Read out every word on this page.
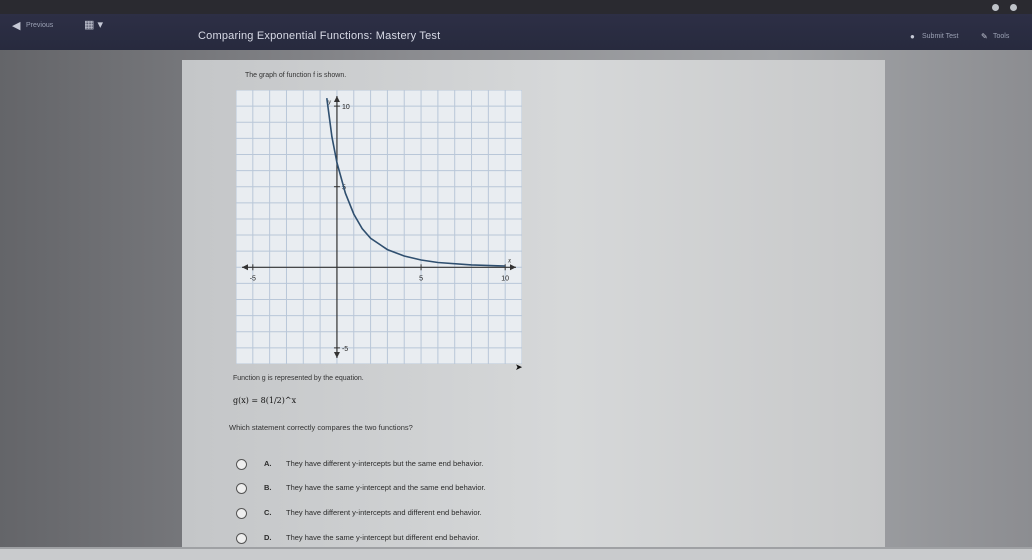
◀ Previous	▦ ▾
Comparing Exponential Functions: Mastery Test	● Submit Test	✎ Tools
The graph of function f is shown.
-5	5	10
-5
5
10
x
y
➤
Function g is represented by the equation.
g(x) = 8(1/2)^x
Which statement correctly compares the two functions?
A. They have different y-intercepts but the same end behavior.
B. They have the same y-intercept and the same end behavior.
C. They have different y-intercepts and different end behavior.
D. They have the same y-intercept but different end behavior.
